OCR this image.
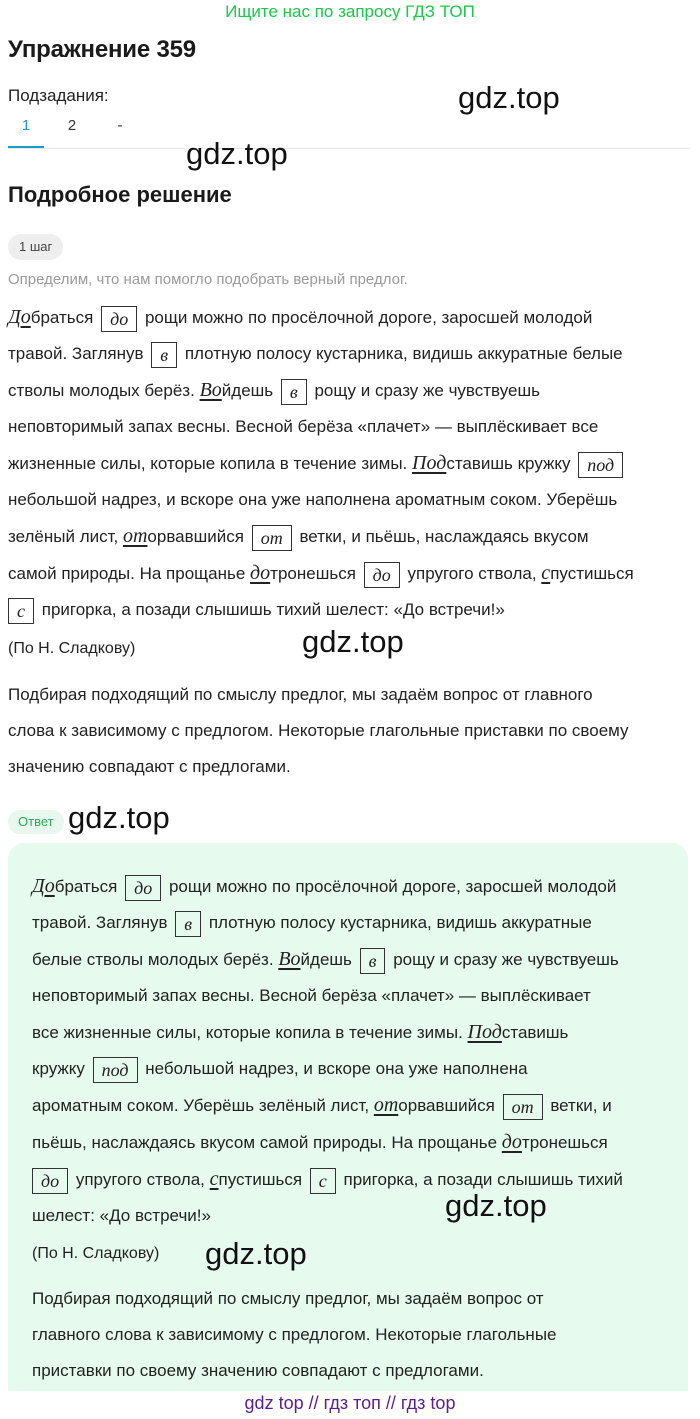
Ищите нас по запросу ГДЗ ТОП
Упражнение 359
Подзадания:	gdz.top
1	2	-
gdz.top
Подробное решение
1 шаг
Определим, что нам помогло подобрать верный предлог.
Добраться до рощи можно по просёлочной дороге, заросшей молодой
травой. Заглянув в плотную полосу кустарника, видишь аккуратные белые
стволы молодых берёз. Войдешь в рощу и сразу же чувствуешь
неповторимый запах весны. Весной берёза «плачет» — выплёскивает все
жизненные силы, которые копила в течение зимы. Подставишь кружку под
небольшой надрез, и вскоре она уже наполнена ароматным соком. Уберёшь
зелёный лист, оторвавшийся от ветки, и пьёшь, наслаждаясь вкусом
самой природы. На прощанье дотронешься до упругого ствола, спустишься
с пригорка, а позади слышишь тихий шелест: «До встречи!»
(По Н. Сладкову)	gdz.top
Подбирая подходящий по смыслу предлог, мы задаём вопрос от главного
слова к зависимому с предлогом. Некоторые глагольные приставки по своему
значению совпадают с предлогами.
Ответ gdz.top
Добраться до рощи можно по просёлочной дороге, заросшей молодой
травой. Заглянув в плотную полосу кустарника, видишь аккуратные
белые стволы молодых берёз. Войдешь в рощу и сразу же чувствуешь
неповторимый запах весны. Весной берёза «плачет» — выплёскивает
все жизненные силы, которые копила в течение зимы. Подставишь
кружку под небольшой надрез, и вскоре она уже наполнена
ароматным соком. Уберёшь зелёный лист, оторвавшийся от ветки, и
пьёшь, наслаждаясь вкусом самой природы. На прощанье дотронешься
до упругого ствола, спустишься с пригорка, а позади слышишь тихий
шелест: «До встречи!»
(По Н. Сладкову)
Подбирая подходящий по смыслу предлог, мы задаём вопрос от
главного слова к зависимому с предлогом. Некоторые глагольные
приставки по своему значению совпадают с предлогами.
gdz.top
gdz.top
gdz top // гдз топ // гдз top
